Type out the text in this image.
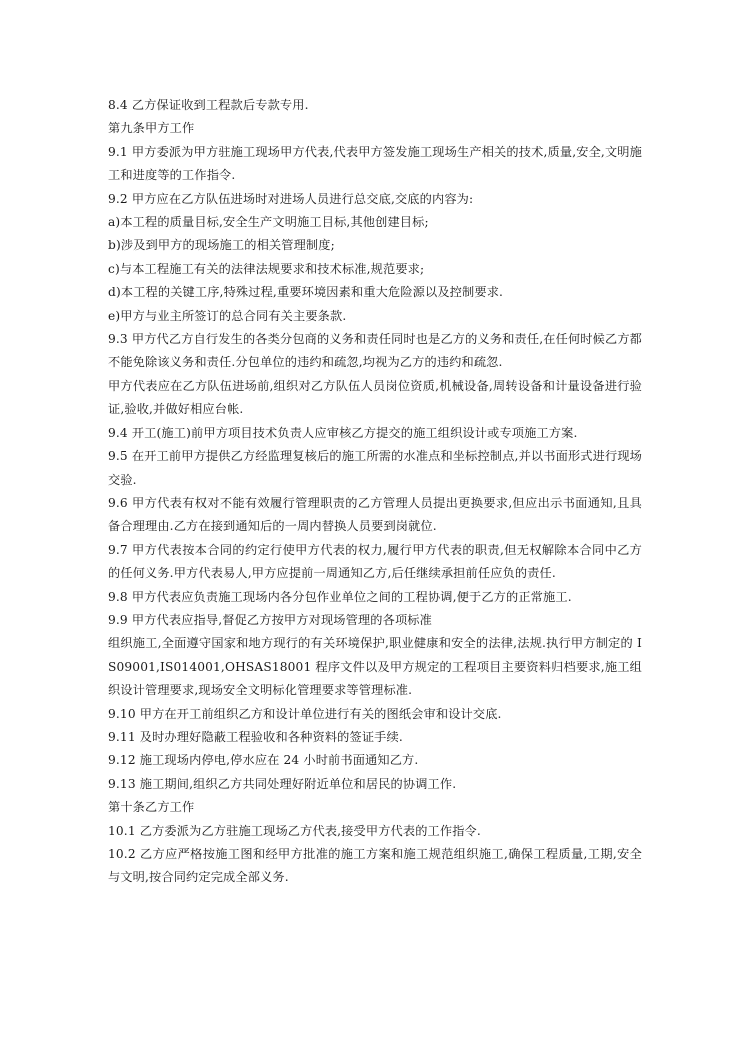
8.4 乙方保证收到工程款后专款专用.

第九条甲方工作

9.1 甲方委派为甲方驻施工现场甲方代表,代表甲方签发施工现场生产相关的技术,质量,安全,文明施工和进度等的工作指令.

9.2 甲方应在乙方队伍进场时对进场人员进行总交底,交底的内容为:

a)本工程的质量目标,安全生产文明施工目标,其他创建目标;

b)涉及到甲方的现场施工的相关管理制度;

c)与本工程施工有关的法律法规要求和技术标准,规范要求;

d)本工程的关键工序,特殊过程,重要环境因素和重大危险源以及控制要求.

e)甲方与业主所签订的总合同有关主要条款.

9.3 甲方代乙方自行发生的各类分包商的义务和责任同时也是乙方的义务和责任,在任何时候乙方都不能免除该义务和责任.分包单位的违约和疏忽,均视为乙方的违约和疏忽.

甲方代表应在乙方队伍进场前,组织对乙方队伍人员岗位资质,机械设备,周转设备和计量设备进行验证,验收,并做好相应台帐.

9.4 开工(施工)前甲方项目技术负责人应审核乙方提交的施工组织设计或专项施工方案.

9.5 在开工前甲方提供乙方经监理复核后的施工所需的水准点和坐标控制点,并以书面形式进行现场交验.

9.6 甲方代表有权对不能有效履行管理职责的乙方管理人员提出更换要求,但应出示书面通知,且具备合理理由.乙方在接到通知后的一周内替换人员要到岗就位.

9.7 甲方代表按本合同的约定行使甲方代表的权力,履行甲方代表的职责,但无权解除本合同中乙方的任何义务.甲方代表易人,甲方应提前一周通知乙方,后任继续承担前任应负的责任.

9.8 甲方代表应负责施工现场内各分包作业单位之间的工程协调,便于乙方的正常施工.

9.9 甲方代表应指导,督促乙方按甲方对现场管理的各项标准

组织施工,全面遵守国家和地方现行的有关环境保护,职业健康和安全的法律,法规.执行甲方制定的 IS09001,IS014001,OHSAS18001 程序文件以及甲方规定的工程项目主要资料归档要求,施工组织设计管理要求,现场安全文明标化管理要求等管理标准.

9.10 甲方在开工前组织乙方和设计单位进行有关的图纸会审和设计交底.

9.11 及时办理好隐蔽工程验收和各种资料的签证手续.

9.12 施工现场内停电,停水应在 24 小时前书面通知乙方.

9.13 施工期间,组织乙方共同处理好附近单位和居民的协调工作.

第十条乙方工作

10.1 乙方委派为乙方驻施工现场乙方代表,接受甲方代表的工作指令.

10.2 乙方应严格按施工图和经甲方批准的施工方案和施工规范组织施工,确保工程质量,工期,安全与文明,按合同约定完成全部义务.
